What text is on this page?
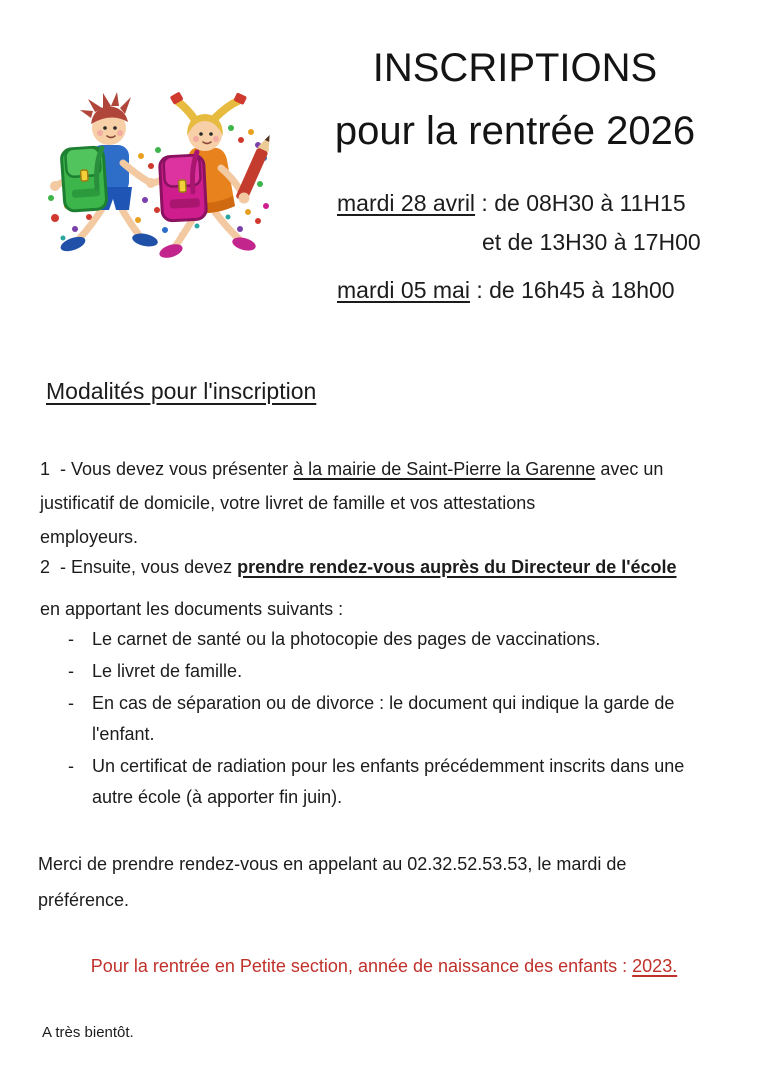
INSCRIPTIONS
pour la rentrée 2026
mardi 28 avril : de 08H30 à 11H15
et de 13H30 à 17H00
mardi 05 mai : de 16h45 à 18h00
Modalités pour l'inscription

1  - Vous devez vous présenter à la mairie de Saint-Pierre la Garenne avec un
justificatif de domicile, votre livret de famille et vos attestations
employeurs.

2  - Ensuite, vous devez prendre rendez-vous auprès du Directeur de l'école
en apportant les documents suivants :

-	Le carnet de santé ou la photocopie des pages de vaccinations.
-	Le livret de famille.
-	En cas de séparation ou de divorce : le document qui indique la garde de
l'enfant.
-	Un certificat de radiation pour les enfants précédemment inscrits dans une
autre école (à apporter fin juin).

Merci de prendre rendez-vous en appelant au 02.32.52.53.53, le mardi de
préférence.

Pour la rentrée en Petite section, année de naissance des enfants : 2023.
A très bientôt.
